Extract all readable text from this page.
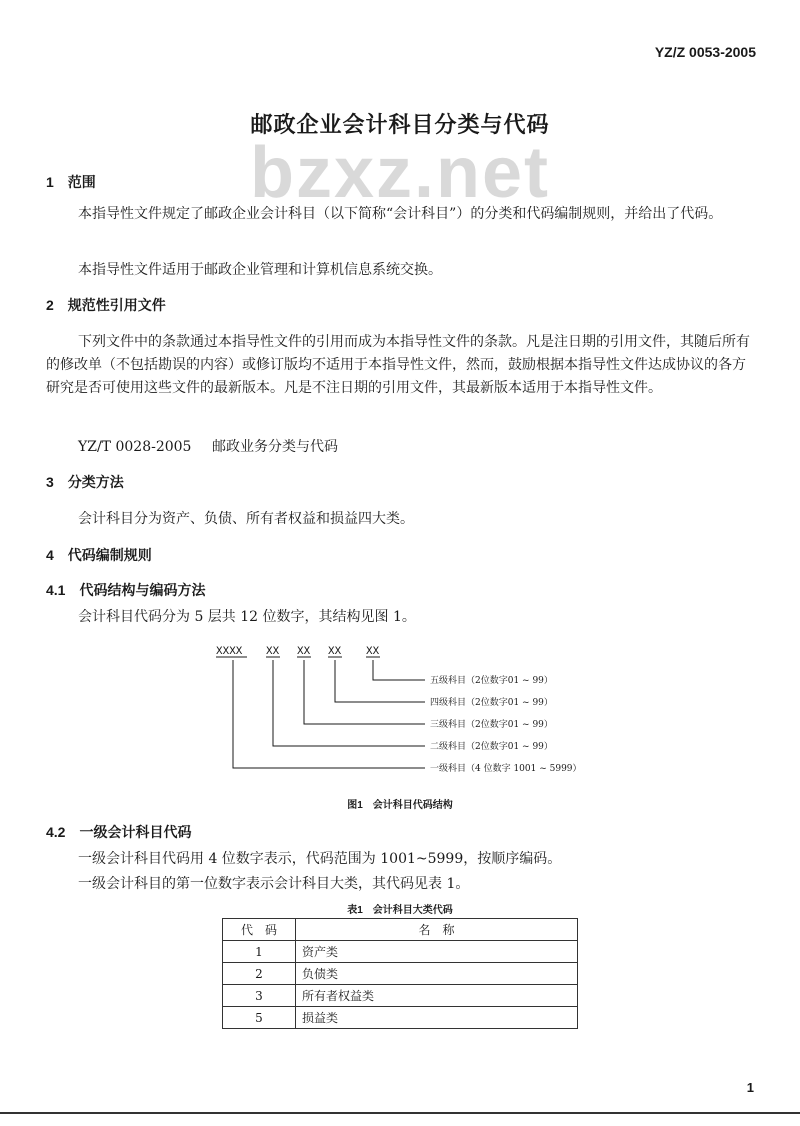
YZ/Z 0053-2005
bzxz.net
邮政企业会计科目分类与代码
1　范围
本指导性文件规定了邮政企业会计科目（以下简称“会计科目”）的分类和代码编制规则，并给出了代码。
本指导性文件适用于邮政企业管理和计算机信息系统交换。
2　规范性引用文件
下列文件中的条款通过本指导性文件的引用而成为本指导性文件的条款。凡是注日期的引用文件，其随后所有的修改单（不包括勘误的内容）或修订版均不适用于本指导性文件，然而，鼓励根据本指导性文件达成协议的各方研究是否可使用这些文件的最新版本。凡是不注日期的引用文件，其最新版本适用于本指导性文件。
YZ/T 0028-2005 邮政业务分类与代码
3　分类方法
会计科目分为资产、负债、所有者权益和损益四大类。
4　代码编制规则
4.1　代码结构与编码方法
会计科目代码分为 5 层共 12 位数字，其结构见图 1。
XXXX XX XX XX XX
五级科目（2位数字01 ~ 99）
四级科目（2位数字01 ~ 99）
三级科目（2位数字01 ~ 99）
二级科目（2位数字01 ~ 99）
一级科目（4 位数字 1001 ~ 5999）
图1　会计科目代码结构
4.2　一级会计科目代码
一级会计科目代码用 4 位数字表示，代码范围为 1001~5999，按顺序编码。
一级会计科目的第一位数字表示会计科目大类，其代码见表 1。
表1　会计科目大类代码
代　码	名　称
1	资产类
2	负债类
3	所有者权益类
5	损益类
1
